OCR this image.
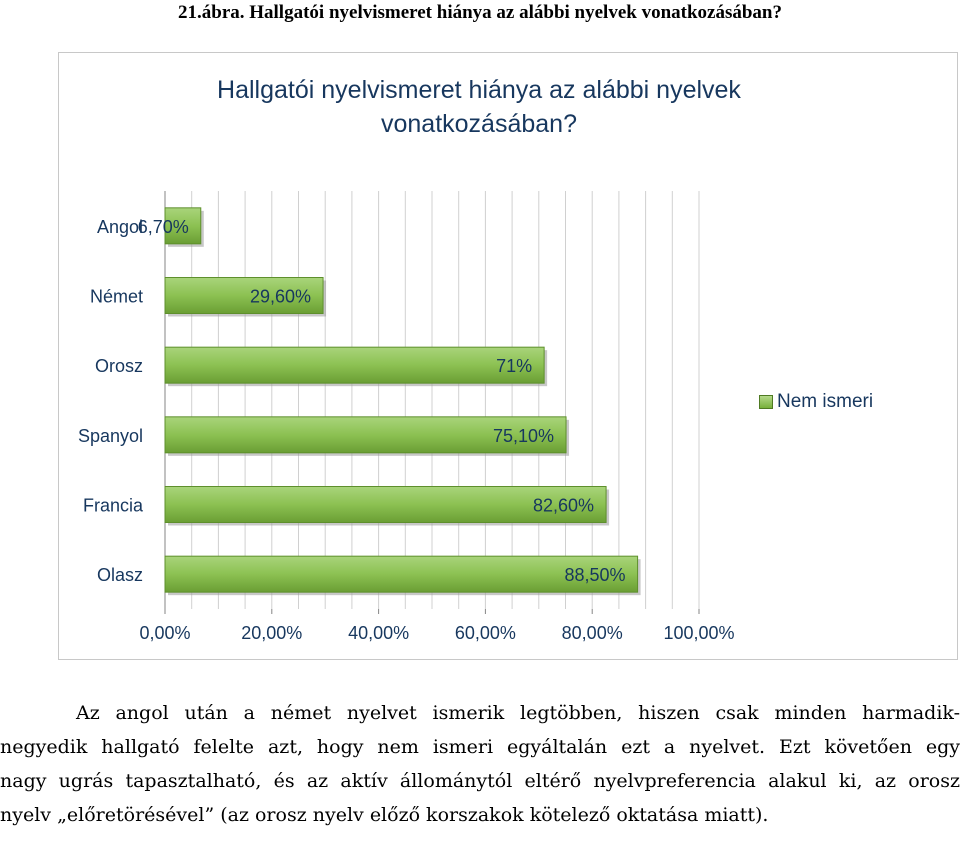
21.ábra. Hallgatói nyelvismeret hiánya az alábbi nyelvek vonatkozásában?
Hallgatói nyelvismeret hiánya az alábbi nyelvek
vonatkozásában?
Angol
6,70%
Német	29,60%
Orosz	71%
Spanyol	75,10%
Francia	82,60%
Olasz	88,50%
0,00%	20,00%	40,00%	60,00%	80,00% 100,00%
Nem ismeri

Az angol után a német nyelvet ismerik legtöbben, hiszen csak minden harmadik-
negyedik hallgató felelte azt, hogy nem ismeri egyáltalán ezt a nyelvet. Ezt követően egy
nagy ugrás tapasztalható, és az aktív állománytól eltérő nyelvpreferencia alakul ki, az orosz
nyelv „előretörésével” (az orosz nyelv előző korszakok kötelező oktatása miatt).
